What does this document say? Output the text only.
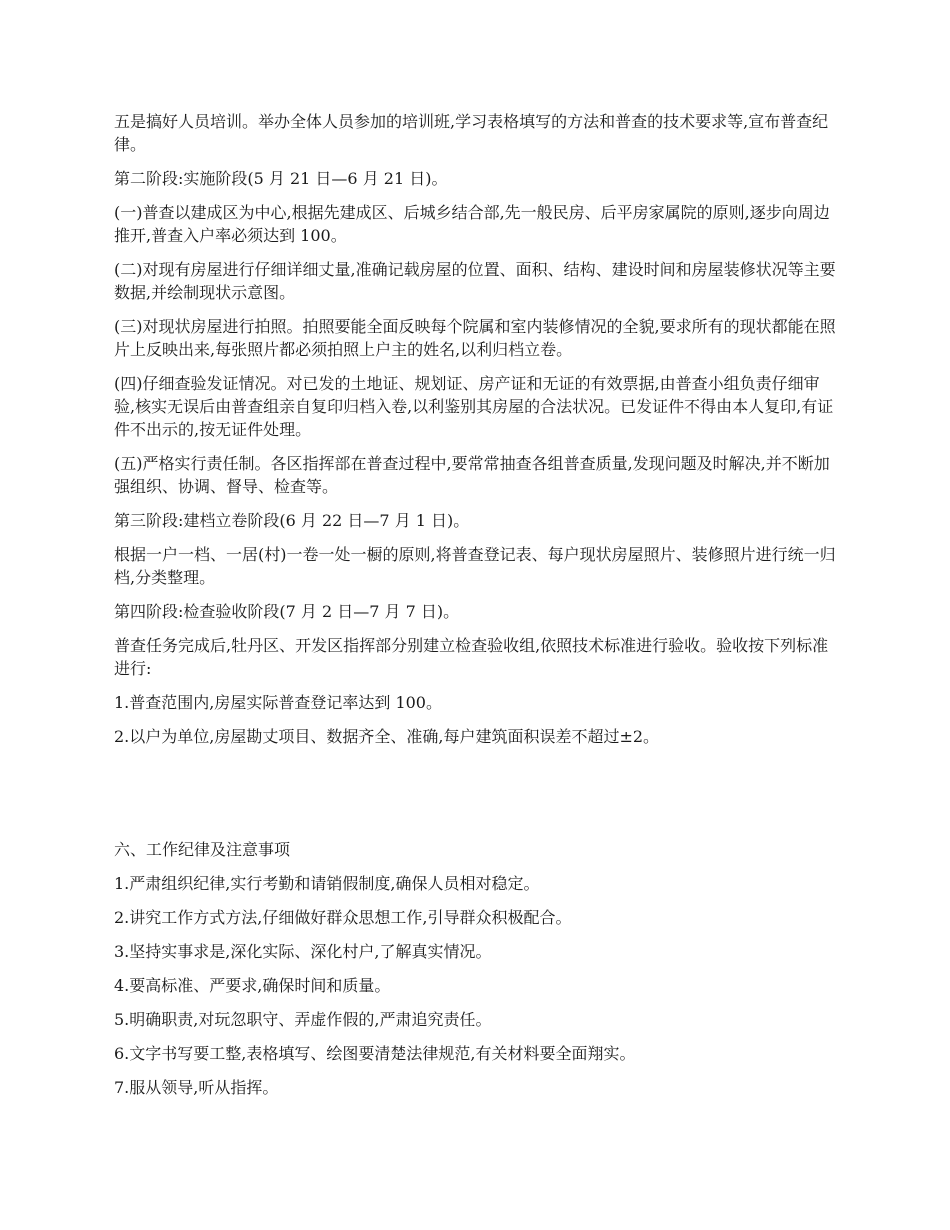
五是搞好人员培训。举办全体人员参加的培训班,学习表格填写的方法和普查的技术要求等,宣布普查纪律。

第二阶段:实施阶段(5 月 21 日—6 月 21 日)。

(一)普查以建成区为中心,根据先建成区、后城乡结合部,先一般民房、后平房家属院的原则,逐步向周边推开,普查入户率必须达到 100。

(二)对现有房屋进行仔细详细丈量,准确记载房屋的位置、面积、结构、建设时间和房屋装修状况等主要数据,并绘制现状示意图。

(三)对现状房屋进行拍照。拍照要能全面反映每个院属和室内装修情况的全貌,要求所有的现状都能在照片上反映出来,每张照片都必须拍照上户主的姓名,以利归档立卷。

(四)仔细查验发证情况。对已发的土地证、规划证、房产证和无证的有效票据,由普查小组负责仔细审验,核实无误后由普查组亲自复印归档入卷,以利鉴别其房屋的合法状况。已发证件不得由本人复印,有证件不出示的,按无证件处理。

(五)严格实行责任制。各区指挥部在普查过程中,要常常抽查各组普查质量,发现问题及时解决,并不断加强组织、协调、督导、检查等。

第三阶段:建档立卷阶段(6 月 22 日—7 月 1 日)。

根据一户一档、一居(村)一卷一处一橱的原则,将普查登记表、每户现状房屋照片、装修照片进行统一归档,分类整理。

第四阶段:检查验收阶段(7 月 2 日—7 月 7 日)。

普查任务完成后,牡丹区、开发区指挥部分别建立检查验收组,依照技术标准进行验收。验收按下列标准进行:

1.普查范围内,房屋实际普查登记率达到 100。

2.以户为单位,房屋勘丈项目、数据齐全、准确,每户建筑面积误差不超过±2。

六、工作纪律及注意事项

1.严肃组织纪律,实行考勤和请销假制度,确保人员相对稳定。

2.讲究工作方式方法,仔细做好群众思想工作,引导群众积极配合。

3.坚持实事求是,深化实际、深化村户,了解真实情况。

4.要高标准、严要求,确保时间和质量。

5.明确职责,对玩忽职守、弄虚作假的,严肃追究责任。

6.文字书写要工整,表格填写、绘图要清楚法律规范,有关材料要全面翔实。

7.服从领导,听从指挥。
